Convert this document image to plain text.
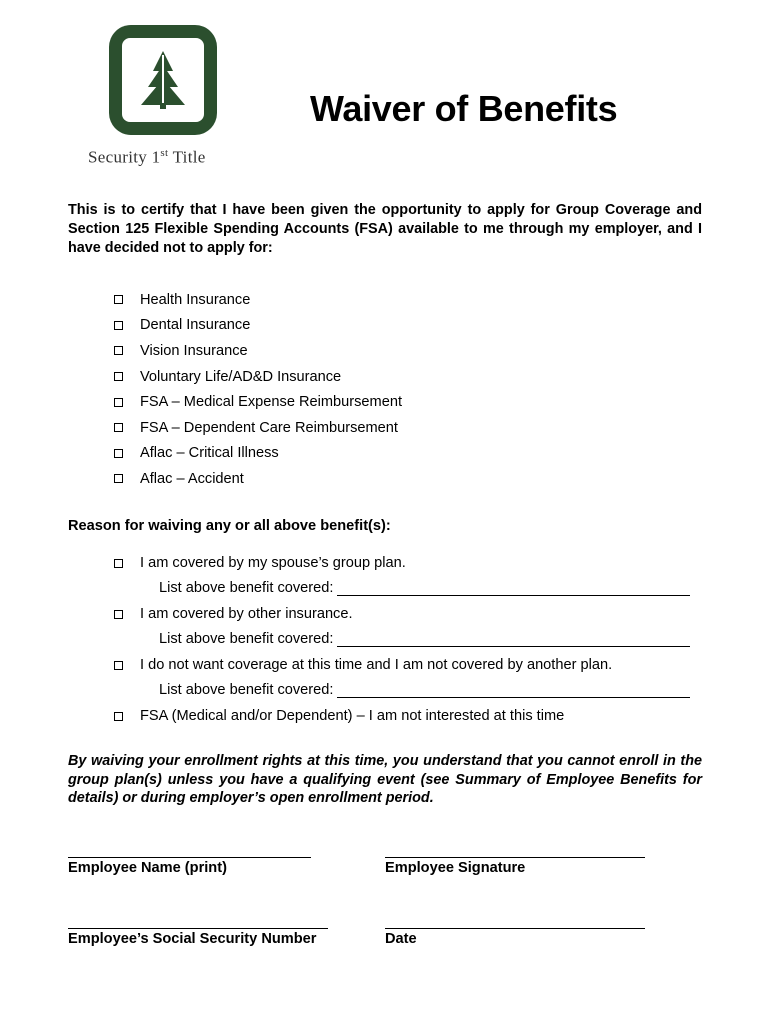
Security 1st Title
Waiver of Benefits
This is to certify that I have been given the opportunity to apply for Group Coverage and Section 125 Flexible Spending Accounts (FSA) available to me through my employer, and I have decided not to apply for:
Health Insurance
Dental Insurance
Vision Insurance
Voluntary Life/AD&D Insurance
FSA – Medical Expense Reimbursement
FSA – Dependent Care Reimbursement
Aflac – Critical Illness
Aflac – Accident
Reason for waiving any or all above benefit(s):
I am covered by my spouse’s group plan.
List above benefit covered:
I am covered by other insurance.
List above benefit covered:
I do not want coverage at this time and I am not covered by another plan.
List above benefit covered:
FSA (Medical and/or Dependent) – I am not interested at this time
By waiving your enrollment rights at this time, you understand that you cannot enroll in the group plan(s) unless you have a qualifying event (see Summary of Employee Benefits for details) or during employer’s open enrollment period.
Employee Name (print)	Employee Signature
Employee’s Social Security Number	Date
